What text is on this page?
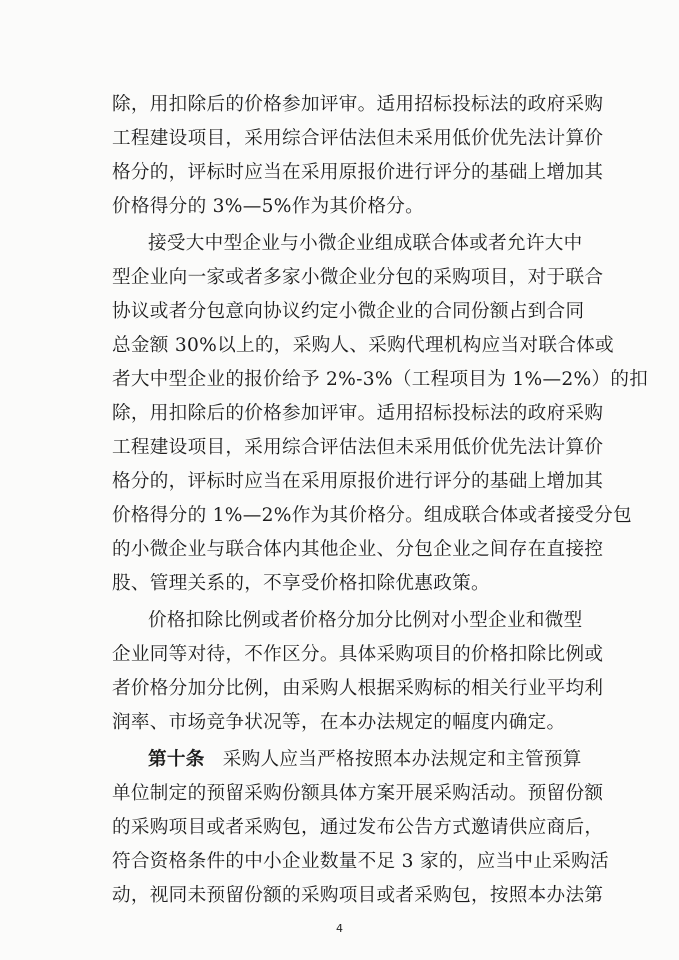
除，用扣除后的价格参加评审。适用招标投标法的政府采购
工程建设项目，采用综合评估法但未采用低价优先法计算价
格分的，评标时应当在采用原报价进行评分的基础上增加其
价格得分的 3%—5%作为其价格分。
接受大中型企业与小微企业组成联合体或者允许大中
型企业向一家或者多家小微企业分包的采购项目，对于联合
协议或者分包意向协议约定小微企业的合同份额占到合同
总金额 30%以上的，采购人、采购代理机构应当对联合体或
者大中型企业的报价给予 2%-3%（工程项目为 1%—2%）的扣
除，用扣除后的价格参加评审。适用招标投标法的政府采购
工程建设项目，采用综合评估法但未采用低价优先法计算价
格分的，评标时应当在采用原报价进行评分的基础上增加其
价格得分的 1%—2%作为其价格分。组成联合体或者接受分包
的小微企业与联合体内其他企业、分包企业之间存在直接控
股、管理关系的，不享受价格扣除优惠政策。
价格扣除比例或者价格分加分比例对小型企业和微型
企业同等对待，不作区分。具体采购项目的价格扣除比例或
者价格分加分比例，由采购人根据采购标的相关行业平均利
润率、市场竞争状况等，在本办法规定的幅度内确定。
第十条 采购人应当严格按照本办法规定和主管预算
单位制定的预留采购份额具体方案开展采购活动。预留份额
的采购项目或者采购包，通过发布公告方式邀请供应商后，
符合资格条件的中小企业数量不足 3 家的，应当中止采购活
动，视同未预留份额的采购项目或者采购包，按照本办法第
4
